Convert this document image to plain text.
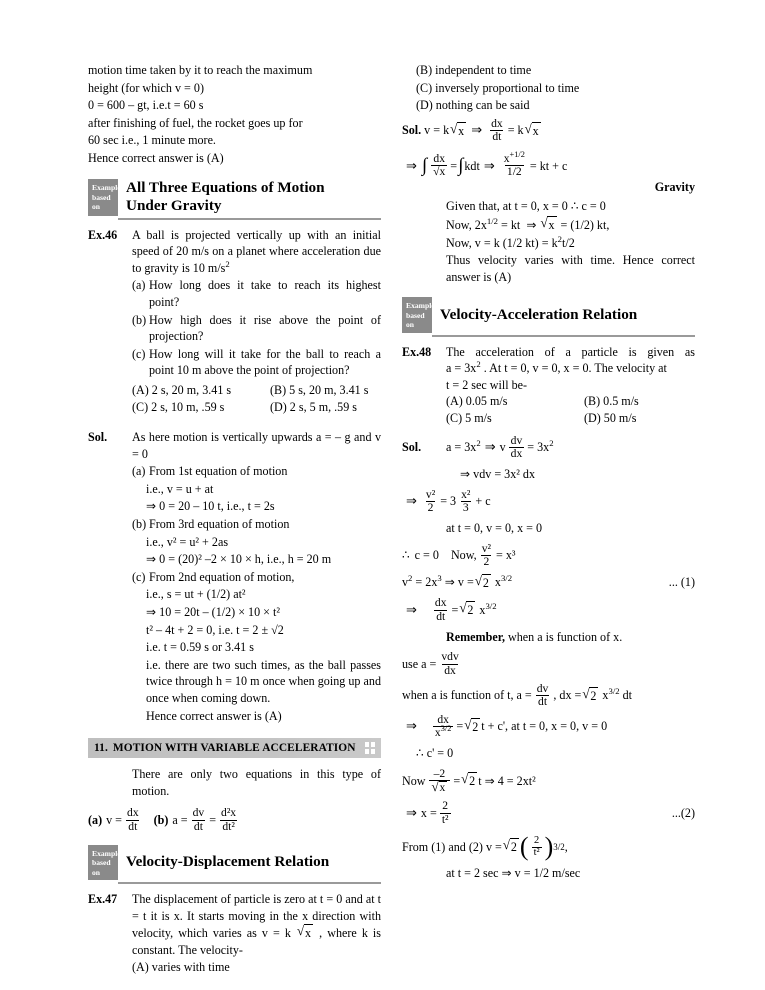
motion time taken by it to reach the maximum
height (for which v = 0)
0 = 600 – gt, i.e.t = 60 s
after finishing of fuel, the rocket goes up for
60 sec i.e., 1 minute more.
Hence correct answer is (A)
Example
based on
All Three Equations of Motion
Under Gravity
Ex.46	A ball is projected vertically up with an initial speed of 20 m/s on a planet where acceleration due to gravity is 10 $m/s^2$
(a) How long does it take to reach its highest point?
(b) How high does it rise above the point of projection?
(c) How long will it take for the ball to reach a point 10 m above the point of projection?
(A) 2 s, 20 m, 3.41 s	(B) 5 s, 20 m, 3.41 s
(C) 2 s, 10 m, .59 s	(D) 2 s, 5 m, .59 s
Sol.	As here motion is vertically upwards a = – g and v = 0
(a) From 1st equation of motion
i.e., v = u + at
⇒ 0 = 20 – 10 t, i.e., t = 2s
(b) From 3rd equation of motion
i.e., v² = u² + 2as
⇒ 0 = (20)² –2 × 10 × h, i.e., h = 20 m
(c) From 2nd equation of motion,
i.e., s = ut + (1/2) at²
⇒ 10 = 20t – (1/2) × 10 × t²
t² – 4t + 2 = 0, i.e. t = 2 ± √2
i.e. t = 0.59 s or 3.41 s
i.e. there are two such times, as the ball passes twice through h = 10 m once when going up and once when coming down.
Hence correct answer is (A)
11. MOTION WITH VARIABLE ACCELERATION
There are only two equations in this type of motion.
(a) $v = \frac{dx}{dt} (b) a = \frac{dv}{dt} = \frac{\text{d²x}}{\text{dt²}}$
Example
based on
Velocity-Displacement Relation
Ex.47	The displacement of particle is zero at t = 0 and at t = t it is x. It starts moving in the x direction with velocity, which varies as v = k √ x , where k is constant. The velocity-
(A) varies with time
(B) independent to time
(C) inversely proportional to time
(D) nothing can be said
Sol. v = k √ x ⇒ $\frac{dx}{dt} = k$ √ x
⇒ ∫ $\frac{dx}{√x}$ = ∫ kdt ⇒ $\frac{x^{+1/2}}{1/2}$ = kt + c
Gravity
Given that, at t = 0, x = 0 ∴ c = 0
Now, $2x^{1/2}$ = kt  ⇒ √ x = (1/2) kt,
Now, v = k (1/2 $kt) = k^2t/2$
Thus velocity varies with time. Hence correct answer is (A)
Example
based on
Velocity-Acceleration Relation
Ex.48	The acceleration of a particle is given as
$a = 3x^2$ . At t = 0, v = 0, x = 0. The velocity at
t = 2 sec will be-
(A) 0.05 m/s	(B) 0.5 m/s
(C) 5 m/s	(D) 50 m/s
Sol.	$a = 3x^2$ ⇒ v $\frac{dv}{dx} = 3x^2$
⇒ vdv = 3x² dx
⇒ $\frac{\text{v²}}{2} = 3 \frac{\text{x²}}{3} + c$
at t = 0, v = 0, x = 0
∴ c = 0 Now, $\frac{\text{v²}}{2} = x^3$
$v^2 = 2x^3$ ⇒ v = √ 2 $x^{3/2}$	... (1)
⇒ $\frac{dx}{dt}$ = √ 2 $x^{3/2}$
Remember, when a is function of x.
use $a = \frac{\text{vdv}}{dx}$
when a is function of t, $a = \frac{dv}{dt}$ , dx = √ 2 $x^{3/2}$ dt
⇒ $\frac{dx}{x^{3/2}}$ = √ 2 t + c', at t = 0, x = 0, v = 0
∴ c' = 0
Now –2
√ x = √ 2 t ⇒ 4 = 2xt²
⇒ $x = \frac{2}{\text{t²}}$	...(2)
From (1) and (2) v = √ 2 ( $\frac{2}{\text{t²}}$ ) 3/2 ,
at t = 2 sec ⇒ v = 1/2 m/sec
